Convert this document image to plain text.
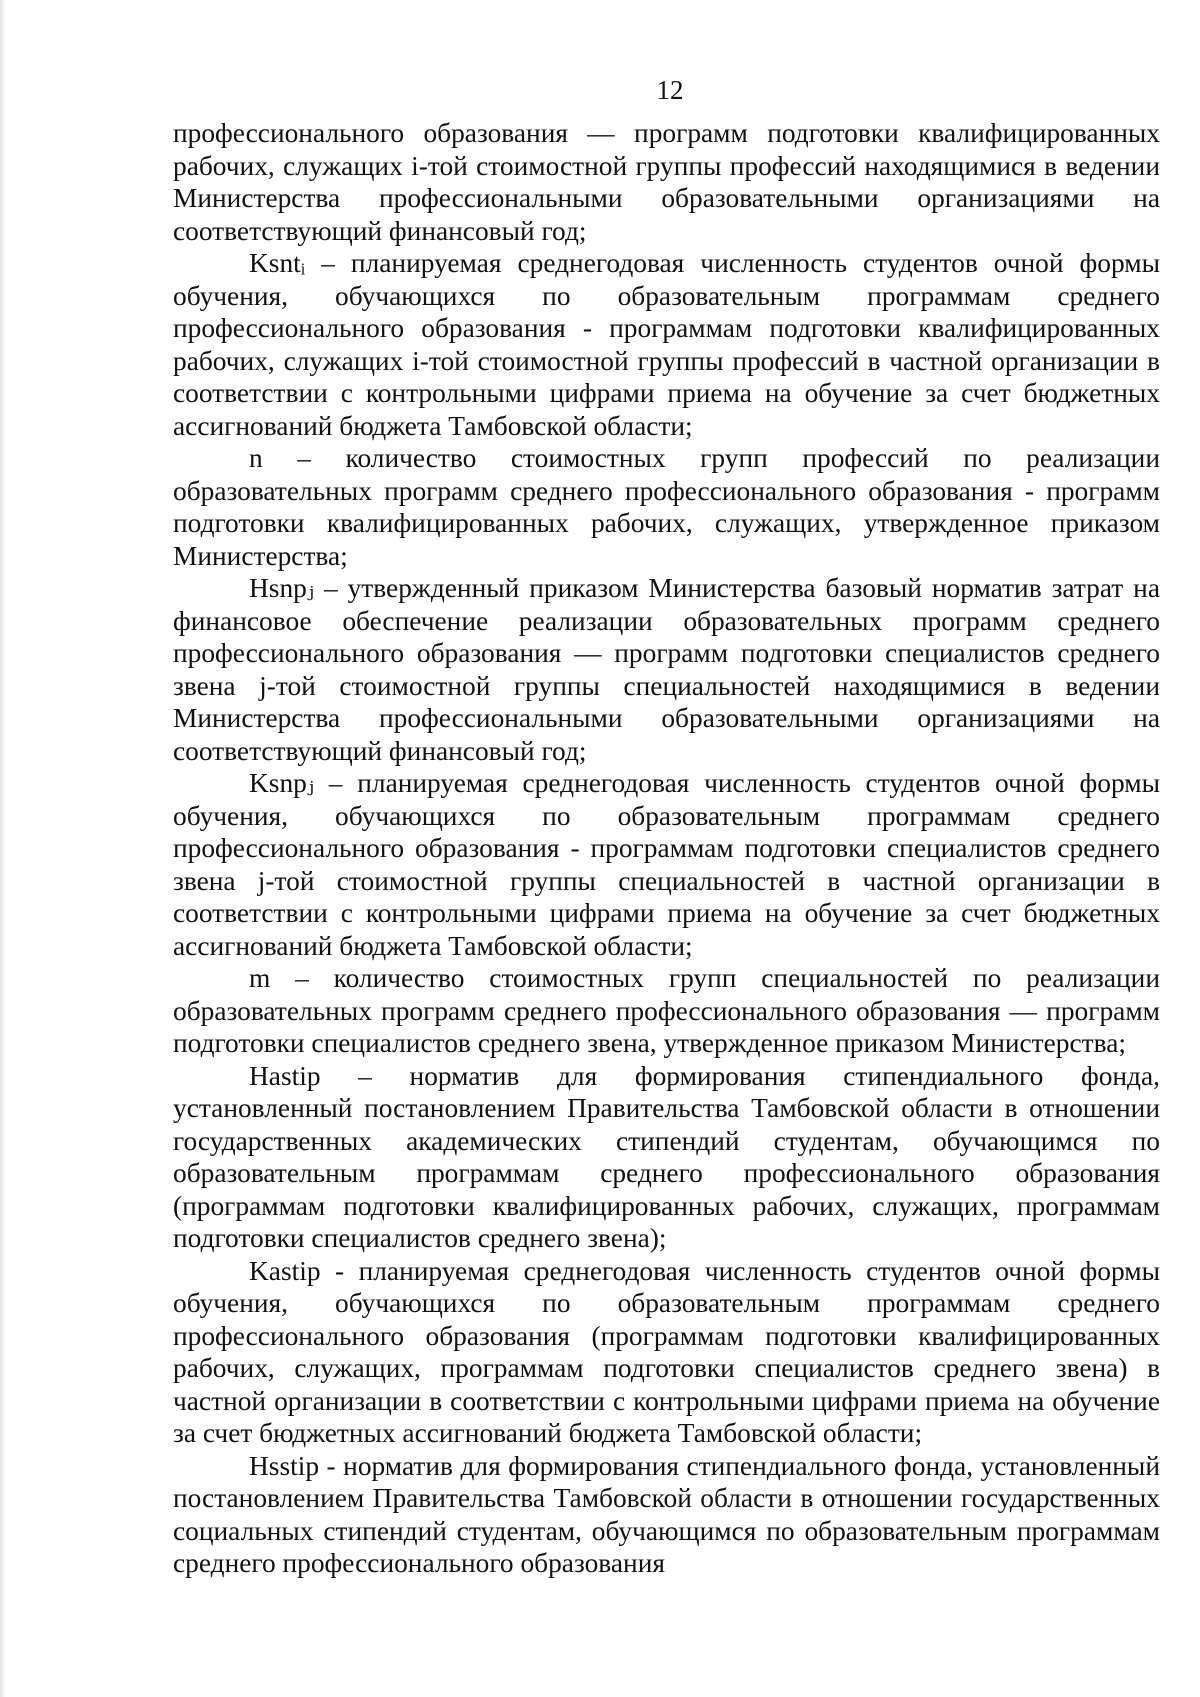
12

профессионального образования — программ подготовки квалифицированных рабочих, служащих i-той стоимостной группы профессий находящимися в ведении Министерства профессиональными образовательными организациями на соответствующий финансовый год;

Ksntᵢ – планируемая среднегодовая численность студентов очной формы обучения, обучающихся по образовательным программам среднего профессионального образования - программам подготовки квалифицированных рабочих, служащих i-той стоимостной группы профессий в частной организации в соответствии с контрольными цифрами приема на обучение за счет бюджетных ассигнований бюджета Тамбовской области;

n – количество стоимостных групп профессий по реализации образовательных программ среднего профессионального образования - программ подготовки квалифицированных рабочих, служащих, утвержденное приказом Министерства;

Hsnpⱼ – утвержденный приказом Министерства базовый норматив затрат на финансовое обеспечение реализации образовательных программ среднего профессионального образования — программ подготовки специалистов среднего звена j-той стоимостной группы специальностей находящимися в ведении Министерства профессиональными образовательными организациями на соответствующий финансовый год;

Ksnpⱼ – планируемая среднегодовая численность студентов очной формы обучения, обучающихся по образовательным программам среднего профессионального образования - программам подготовки специалистов среднего звена j-той стоимостной группы специальностей в частной организации в соответствии с контрольными цифрами приема на обучение за счет бюджетных ассигнований бюджета Тамбовской области;

m – количество стоимостных групп специальностей по реализации образовательных программ среднего профессионального образования — программ подготовки специалистов среднего звена, утвержденное приказом Министерства;

Hastip – норматив для формирования стипендиального фонда, установленный постановлением Правительства Тамбовской области в отношении государственных академических стипендий студентам, обучающимся по образовательным программам среднего профессионального образования (программам подготовки квалифицированных рабочих, служащих, программам подготовки специалистов среднего звена);

Kastip - планируемая среднегодовая численность студентов очной формы обучения, обучающихся по образовательным программам среднего профессионального образования (программам подготовки квалифицированных рабочих, служащих, программам подготовки специалистов среднего звена) в частной организации в соответствии с контрольными цифрами приема на обучение за счет бюджетных ассигнований бюджета Тамбовской области;

Hsstip - норматив для формирования стипендиального фонда, установленный постановлением Правительства Тамбовской области в отношении государственных социальных стипендий студентам, обучающимся по образовательным программам среднего профессионального образования
